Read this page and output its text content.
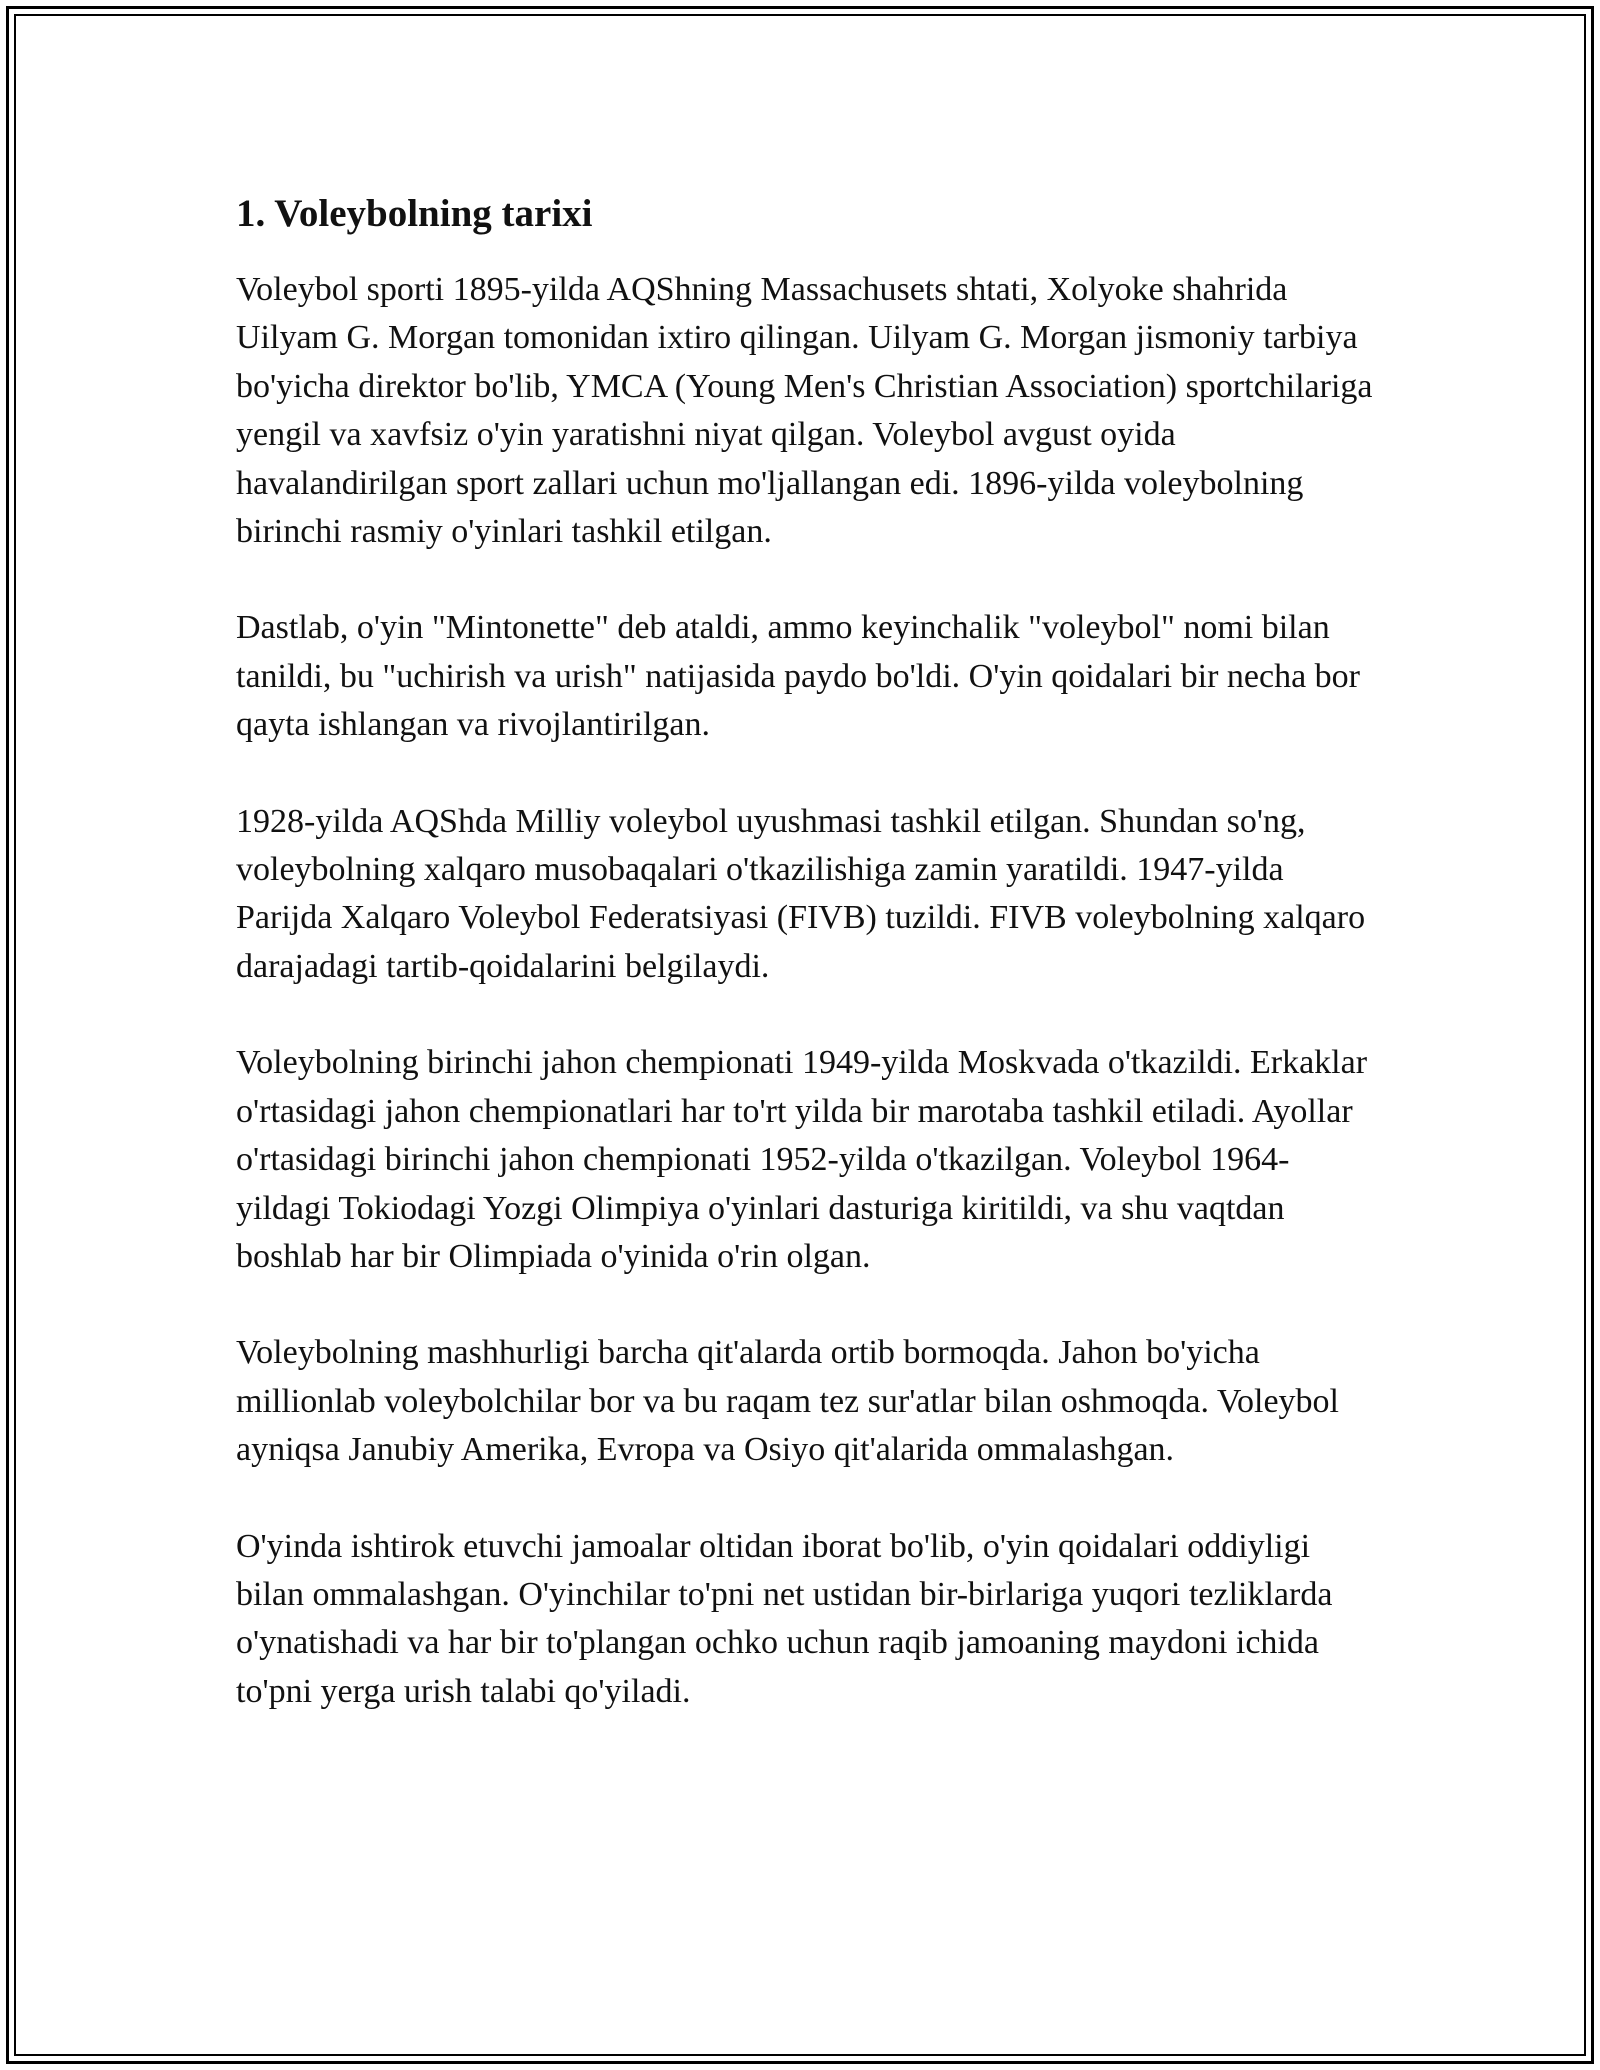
1. Voleybolning tarixi

Voleybol sporti 1895-yilda AQShning Massachusets shtati, Xolyoke shahrida Uilyam G. Morgan tomonidan ixtiro qilingan. Uilyam G. Morgan jismoniy tarbiya bo'yicha direktor bo'lib, YMCA (Young Men's Christian Association) sportchilariga yengil va xavfsiz o'yin yaratishni niyat qilgan. Voleybol avgust oyida havalandirilgan sport zallari uchun mo'ljallangan edi. 1896-yilda voleybolning birinchi rasmiy o'yinlari tashkil etilgan.

Dastlab, o'yin "Mintonette" deb ataldi, ammo keyinchalik "voleybol" nomi bilan tanildi, bu "uchirish va urish" natijasida paydo bo'ldi. O'yin qoidalari bir necha bor qayta ishlangan va rivojlantirilgan.

1928-yilda AQShda Milliy voleybol uyushmasi tashkil etilgan. Shundan so'ng, voleybolning xalqaro musobaqalari o'tkazilishiga zamin yaratildi. 1947-yilda Parijda Xalqaro Voleybol Federatsiyasi (FIVB) tuzildi. FIVB voleybolning xalqaro darajadagi tartib-qoidalarini belgilaydi.

Voleybolning birinchi jahon chempionati 1949-yilda Moskvada o'tkazildi. Erkaklar o'rtasidagi jahon chempionatlari har to'rt yilda bir marotaba tashkil etiladi. Ayollar o'rtasidagi birinchi jahon chempionati 1952-yilda o'tkazilgan. Voleybol 1964-yildagi Tokiodagi Yozgi Olimpiya o'yinlari dasturiga kiritildi, va shu vaqtdan boshlab har bir Olimpiada o'yinida o'rin olgan.

Voleybolning mashhurligi barcha qit'alarda ortib bormoqda. Jahon bo'yicha millionlab voleybolchilar bor va bu raqam tez sur'atlar bilan oshmoqda. Voleybol ayniqsa Janubiy Amerika, Evropa va Osiyo qit'alarida ommalashgan.

O'yinda ishtirok etuvchi jamoalar oltidan iborat bo'lib, o'yin qoidalari oddiyligi bilan ommalashgan. O'yinchilar to'pni net ustidan bir-birlariga yuqori tezliklarda o'ynatishadi va har bir to'plangan ochko uchun raqib jamoaning maydoni ichida to'pni yerga urish talabi qo'yiladi.
